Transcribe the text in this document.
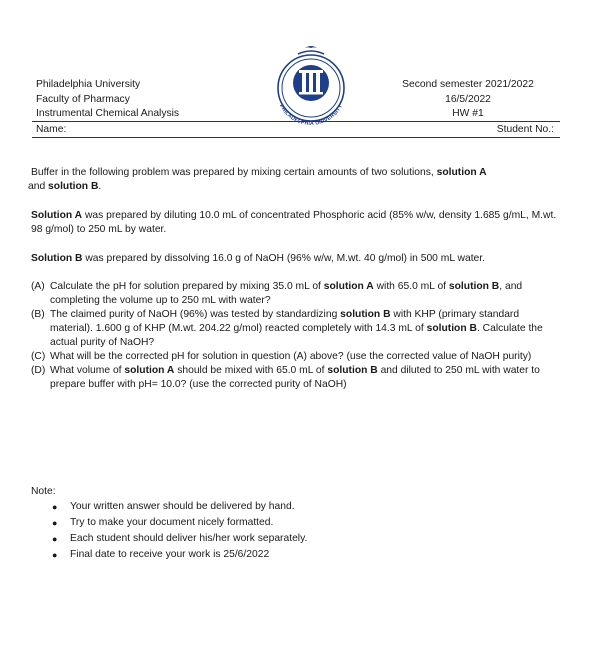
Philadelphia University
Faculty of Pharmacy
Instrumental Chemical Analysis
PHILADELPHIA UNIVERSITY
Second semester 2021/2022
16/5/2022
HW #1
Name:	Student No.:
Buffer in the following problem was prepared by mixing certain amounts of two solutions, solution A
and solution B.
Solution A was prepared by diluting 10.0 mL of concentrated Phosphoric acid (85% w/w, density 1.685 g/mL, M.wt. 98 g/mol) to 250 mL by water.
Solution B was prepared by dissolving 16.0 g of NaOH (96% w/w, M.wt. 40 g/mol) in 500 mL water.
(A) Calculate the pH for solution prepared by mixing 35.0 mL of solution A with 65.0 mL of solution B, and completing the volume up to 250 mL with water?
(B) The claimed purity of NaOH (96%) was tested by standardizing solution B with KHP (primary standard material). 1.600 g of KHP (M.wt. 204.22 g/mol) reacted completely with 14.3 mL of solution B. Calculate the actual purity of NaOH?
(C) What will be the corrected pH for solution in question (A) above? (use the corrected value of NaOH purity)
(D) What volume of solution A should be mixed with 65.0 mL of solution B and diluted to 250 mL with water to prepare buffer with pH= 10.0? (use the corrected purity of NaOH)
Note:
●	Your written answer should be delivered by hand.
●	Try to make your document nicely formatted.
●	Each student should deliver his/her work separately.
●	Final date to receive your work is 25/6/2022
